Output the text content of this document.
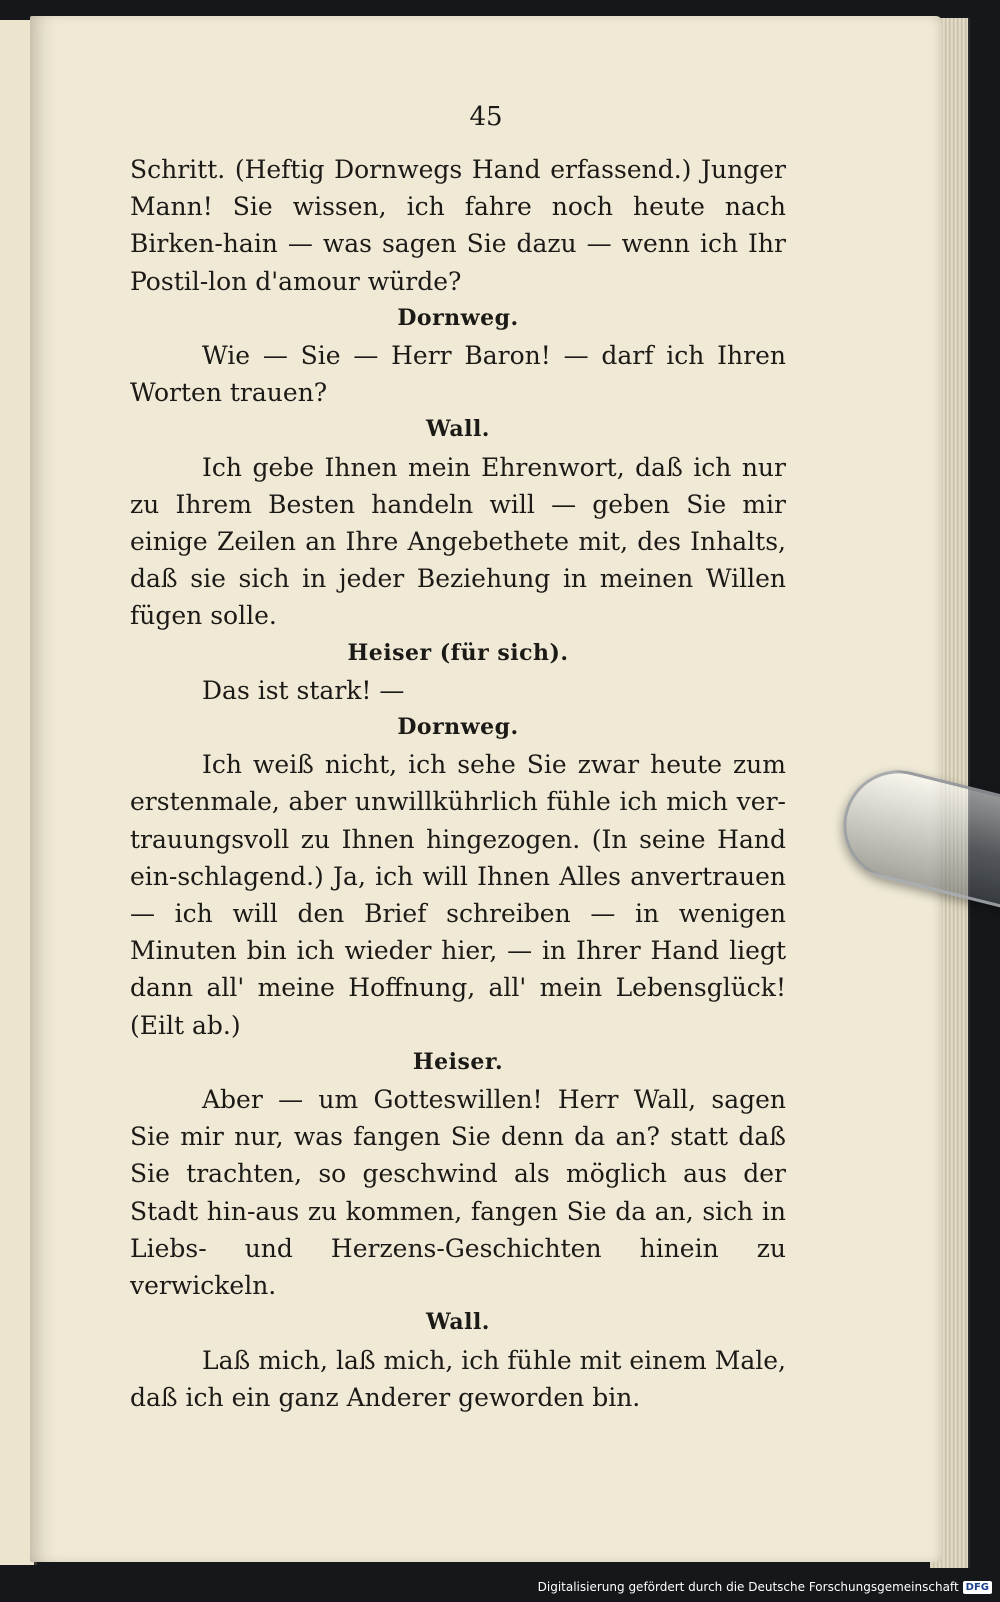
45

Schritt. (Heftig Dornwegs Hand erfassend.) Junger Mann! Sie wissen, ich fahre noch heute nach Birken-hain — was sagen Sie dazu — wenn ich Ihr Postil-lon d'amour würde?

Dornweg.

Wie — Sie — Herr Baron! — darf ich Ihren Worten trauen?

Wall.

Ich gebe Ihnen mein Ehrenwort, daß ich nur zu Ihrem Besten handeln will — geben Sie mir einige Zeilen an Ihre Angebethete mit, des Inhalts, daß sie sich in jeder Beziehung in meinen Willen fügen solle.

Heiser (für sich).

Das ist stark! —

Dornweg.

Ich weiß nicht, ich sehe Sie zwar heute zum erstenmale, aber unwillkührlich fühle ich mich ver-trauungsvoll zu Ihnen hingezogen. (In seine Hand ein-schlagend.) Ja, ich will Ihnen Alles anvertrauen — ich will den Brief schreiben — in wenigen Minuten bin ich wieder hier, — in Ihrer Hand liegt dann all' meine Hoffnung, all' mein Lebensglück! (Eilt ab.)

Heiser.

Aber — um Gotteswillen! Herr Wall, sagen Sie mir nur, was fangen Sie denn da an? statt daß Sie trachten, so geschwind als möglich aus der Stadt hin-aus zu kommen, fangen Sie da an, sich in Liebs- und Herzens-Geschichten hinein zu verwickeln.

Wall.

Laß mich, laß mich, ich fühle mit einem Male, daß ich ein ganz Anderer geworden bin.

Digitalisierung gefördert durch die Deutsche Forschungsgemeinschaft DFG
